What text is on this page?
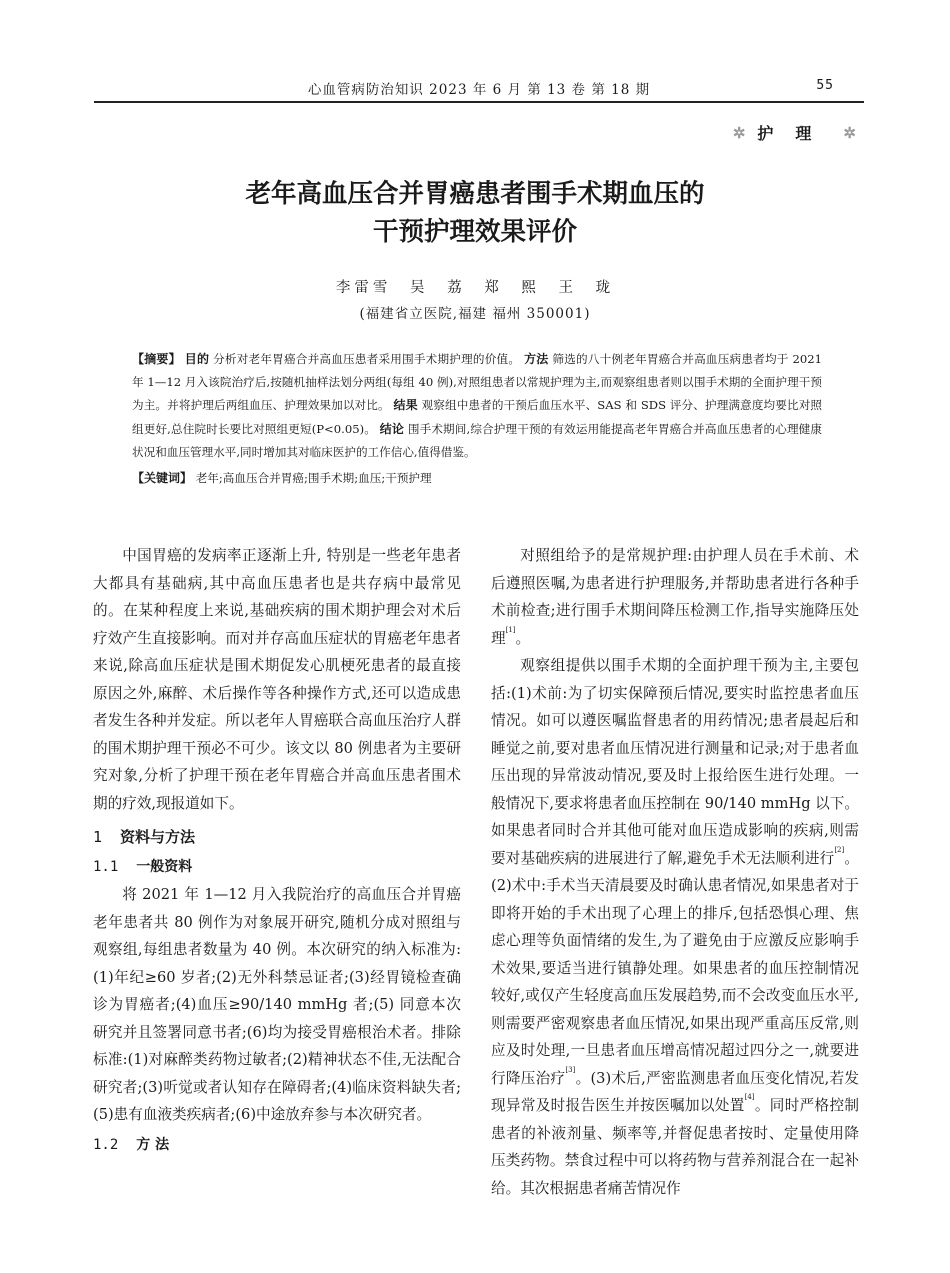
心血管病防治知识 2023 年 6 月 第 13 卷 第 18 期	55
✲ 护理 ✲
老年高血压合并胃癌患者围手术期血压的
干预护理效果评价
李雷雪 吴 荔 郑 熙 王 珑
(福建省立医院,福建 福州 350001)

【摘要】 目的 分析对老年胃癌合并高血压患者采用围手术期护理的价值。 方法 筛选的八十例老年胃癌合并高血压病患者均于 2021 年 1—12 月入该院治疗后,按随机抽样法划分两组(每组 40 例),对照组患者以常规护理为主,而观察组患者则以围手术期的全面护理干预为主。并将护理后两组血压、护理效果加以对比。 结果 观察组中患者的干预后血压水平、SAS 和 SDS 评分、护理满意度均要比对照组更好,总住院时长要比对照组更短(P<0.05)。 结论 围手术期间,综合护理干预的有效运用能提高老年胃癌合并高血压患者的心理健康状况和血压管理水平,同时增加其对临床医护的工作信心,值得借鉴。

【关键词】 老年;高血压合并胃癌;围手术期;血压;干预护理

中国胃癌的发病率正逐渐上升, 特别是一些老年患者大都具有基础病,其中高血压患者也是共存病中最常见的。在某种程度上来说,基础疾病的围术期护理会对术后疗效产生直接影响。而对并存高血压症状的胃癌老年患者来说,除高血压症状是围术期促发心肌梗死患者的最直接原因之外,麻醉、术后操作等各种操作方式,还可以造成患者发生各种并发症。所以老年人胃癌联合高血压治疗人群的围术期护理干预必不可少。该文以 80 例患者为主要研究对象,分析了护理干预在老年胃癌合并高血压患者围术期的疗效,现报道如下。

1 资料与方法
1.1 一般资料

将 2021 年 1—12 月入我院治疗的高血压合并胃癌老年患者共 80 例作为对象展开研究,随机分成对照组与观察组,每组患者数量为 40 例。本次研究的纳入标准为:(1)年纪≥60 岁者;(2)无外科禁忌证者;(3)经胃镜检查确诊为胃癌者;(4)血压≥90/140 mmHg 者;(5) 同意本次研究并且签署同意书者;(6)均为接受胃癌根治术者。排除标准:(1)对麻醉类药物过敏者;(2)精神状态不佳,无法配合研究者;(3)听觉或者认知存在障碍者;(4)临床资料缺失者;(5)患有血液类疾病者;(6)中途放弃参与本次研究者。

1.2 方 法

对照组给予的是常规护理:由护理人员在手术前、术后遵照医嘱,为患者进行护理服务,并帮助患者进行各种手术前检查;进行围手术期间降压检测工作,指导实施降压处理[1]。

观察组提供以围手术期的全面护理干预为主,主要包括:(1)术前:为了切实保障预后情况,要实时监控患者血压情况。如可以遵医嘱监督患者的用药情况;患者晨起后和睡觉之前,要对患者血压情况进行测量和记录;对于患者血压出现的异常波动情况,要及时上报给医生进行处理。一般情况下,要求将患者血压控制在 90/140 mmHg 以下。如果患者同时合并其他可能对血压造成影响的疾病,则需要对基础疾病的进展进行了解,避免手术无法顺利进行[2]。(2)术中:手术当天清晨要及时确认患者情况,如果患者对于即将开始的手术出现了心理上的排斥,包括恐惧心理、焦虑心理等负面情绪的发生,为了避免由于应激反应影响手术效果,要适当进行镇静处理。如果患者的血压控制情况较好,或仅产生轻度高血压发展趋势,而不会改变血压水平,则需要严密观察患者血压情况,如果出现严重高压反常,则应及时处理,一旦患者血压增高情况超过四分之一,就要进行降压治疗[3]。(3)术后,严密监测患者血压变化情况,若发现异常及时报告医生并按医嘱加以处置[4]。同时严格控制患者的补液剂量、频率等,并督促患者按时、定量使用降压类药物。禁食过程中可以将药物与营养剂混合在一起补给。其次根据患者痛苦情况作
